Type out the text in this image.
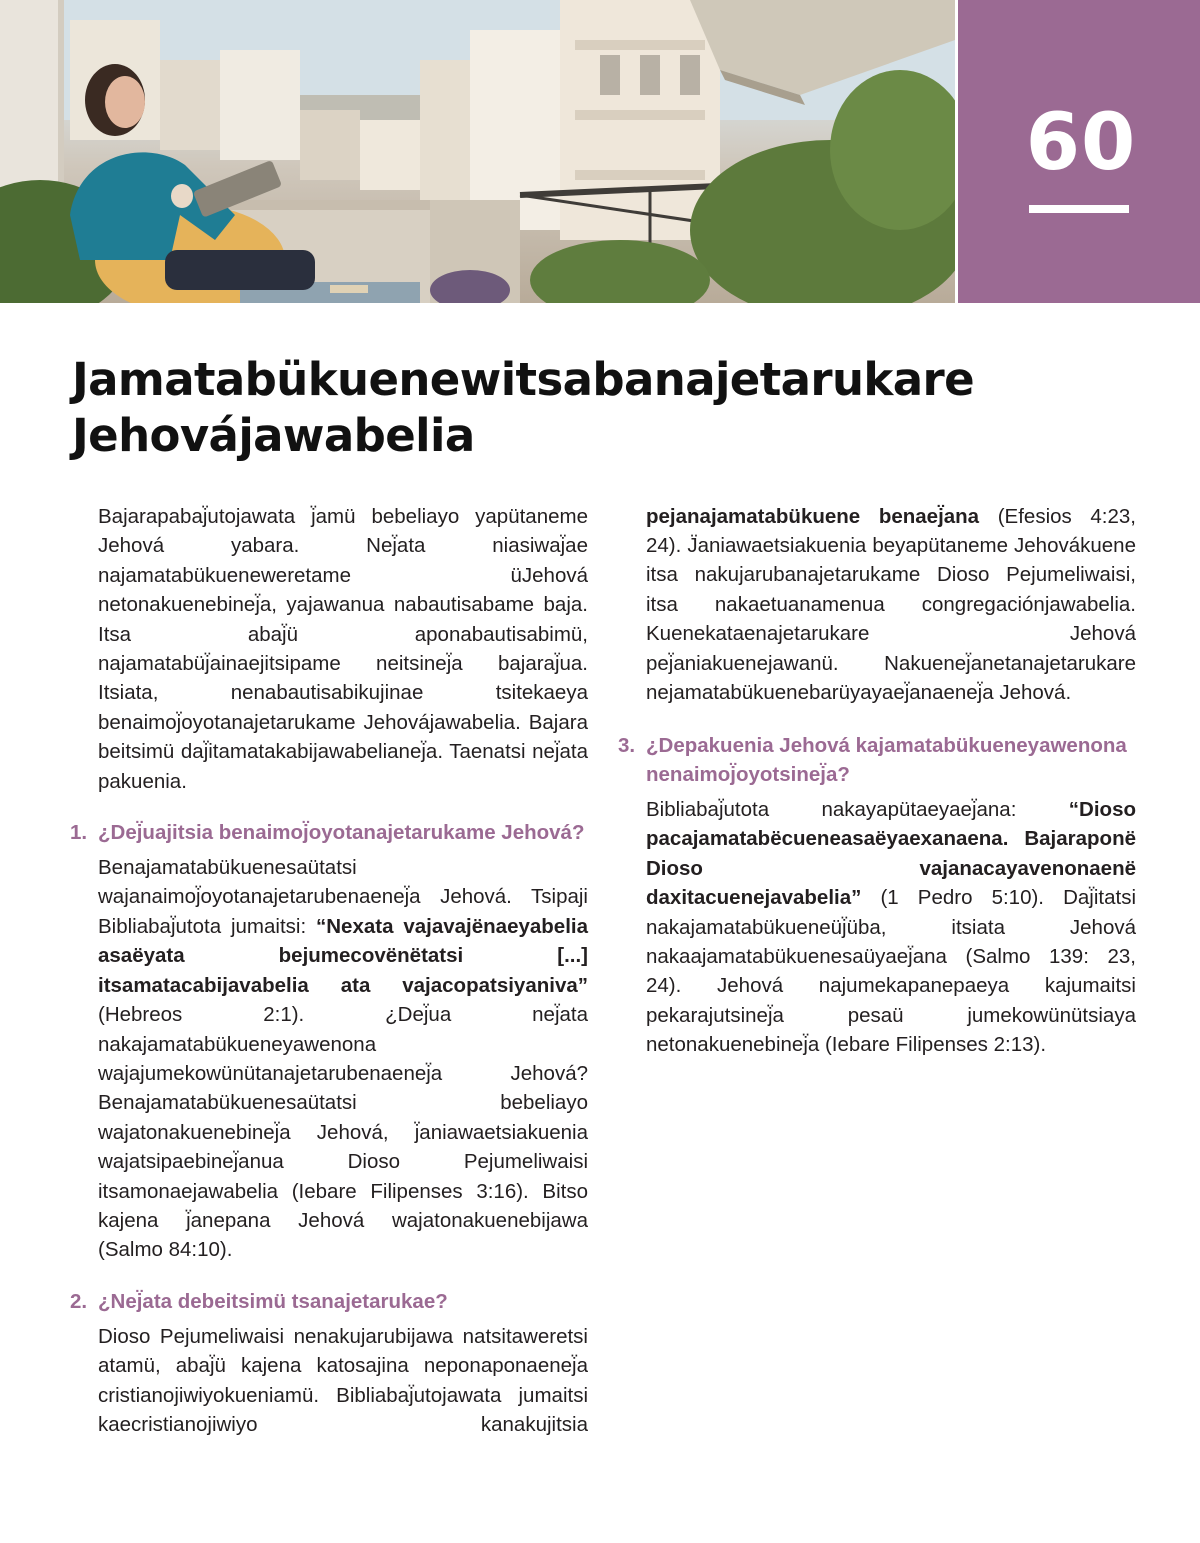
60
Jamatabükuenewitsabanajetarukare
Jehovájawabelia

Bajarapabaj̈utojawata j̈amü bebeliayo yapütaneme Jehová yabara. Nej̈ata niasiwaj̈ae najamatabükueneweretame üJehová netonakuenebinej̈a, yajawanua nabautisabame baja. Itsa abaj̈ü aponabautisabimü, najamatabüj̈ainaejitsipame neitsinej̈a bajaraj̈ua. Itsiata, nenabautisabikujinae tsitekaeya benaimoj̈oyotanajetarukame Jehovájawabelia. Bajara beitsimü daj̈itamatakabijawabelianej̈a. Taenatsi nej̈ata pakuenia.

1. ¿Dej̈uajitsia benaimoj̈oyotanajetarukame Jehová?

Benajamatabükuenesaütatsi wajanaimoj̈oyotanajetarubenaenej̈a Jehová. Tsipaji Bibliabaj̈utota jumaitsi: “Nexata vajavajënaeyabelia asaëyata bejumecovënëtatsi [...] itsamatacabijavabelia ata vajacopatsiyaniva” (Hebreos 2:1). ¿Dej̈ua nej̈ata nakajamatabükueneyawenona wajajumekowünütanajetarubenaenej̈a Jehová? Benajamatabükuenesaütatsi bebeliayo wajatonakuenebinej̈a Jehová, j̈aniawaetsiakuenia wajatsipaebinej̈anua Dioso Pejumeliwaisi itsamonaejawabelia (Iebare Filipenses 3:16). Bitso kajena j̈anepana Jehová wajatonakuenebijawa (Salmo 84:10).

2. ¿Nej̈ata debeitsimü tsanajetarukae?

Dioso Pejumeliwaisi nenakujarubijawa natsitaweretsi atamü, abaj̈ü kajena katosajina neponaponaenej̈a cristianojiwiyokueniamü. Bibliabaj̈utojawata jumaitsi kaecristianojiwiyo kanakujitsia

pejanajamatabükuene benaej̈ana (Efesios 4:23, 24). J̈aniawaetsiakuenia beyapütaneme Jehovákuene itsa nakujarubanajetarukame Dioso Pejumeliwaisi, itsa nakaetuanamenua congregaciónjawabelia. Kuenekataenajetarukare Jehová pej̈aniakuenejawanü. Nakuenej̈anetanajetarukare nejamatabükuenebarüyayaej̈anaenej̈a Jehová.

3. ¿Depakuenia Jehová kajamatabükueneyawenona nenaimoj̈oyotsinej̈a?

Bibliabaj̈utota nakayapütaeyaej̈ana: “Dioso pacajamatabëcueneasaëyaexanaena. Bajaraponë Dioso vajanacayavenonaenë daxitacuenejavabelia” (1 Pedro 5:10). Daj̈itatsi nakajamatabükueneüj̈üba, itsiata Jehová nakaajamatabükuenesaüyaej̈ana (Salmo 139: 23, 24). Jehová najumekapanepaeya kajumaitsi pekarajutsinej̈a pesaü jumekowünütsiaya netonakuenebinej̈a (Iebare Filipenses 2:13).
